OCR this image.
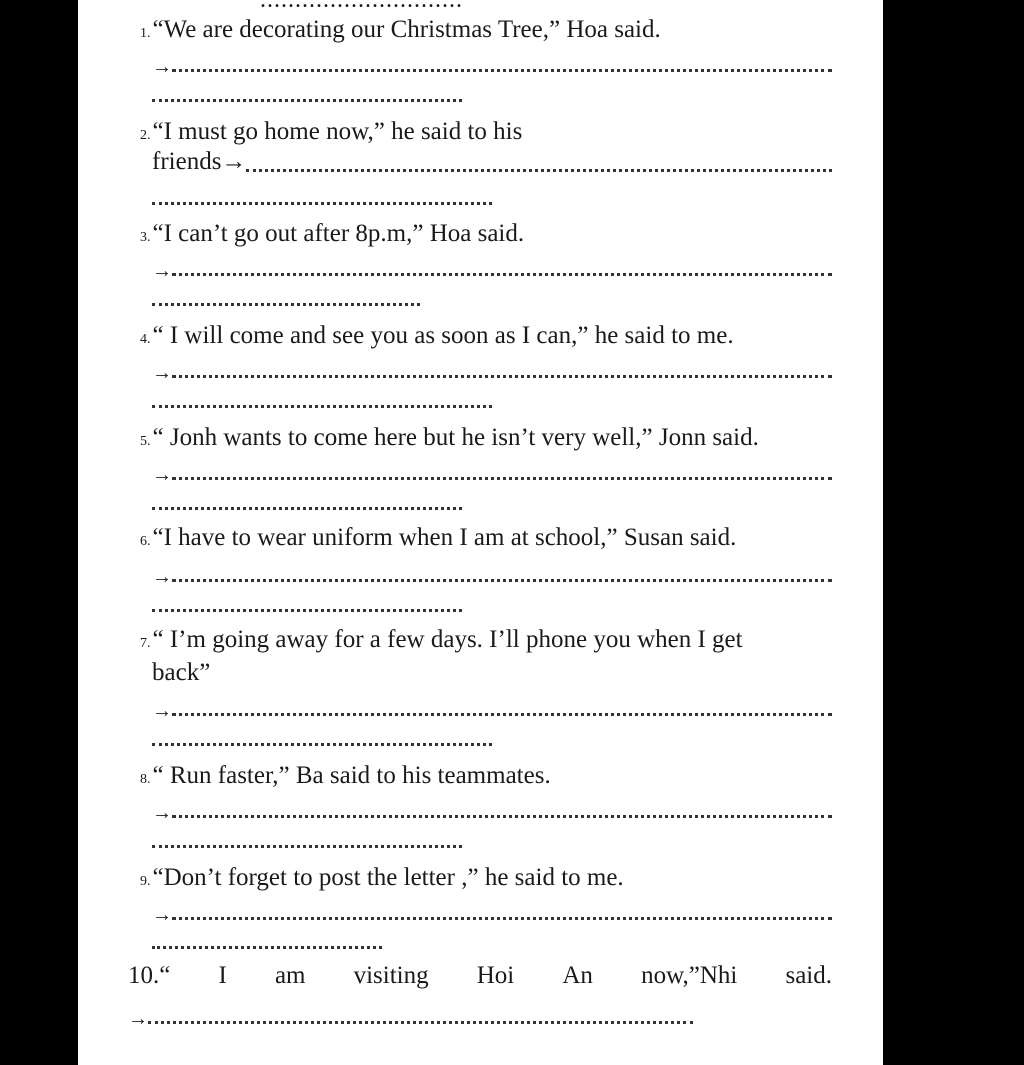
.............................
1.“We are decorating our Christmas Tree,” Hoa said.
→
2.“I must go home now,” he said to his
friends→
3.“I can’t go out after 8p.m,” Hoa said.
→
4.“ I will come and see you as soon as I can,” he said to me.
→
5.“ Jonh wants to come here but he isn’t very well,” Jonn said.
→
6.“I have to wear uniform when I am at school,” Susan said.
→
7.“ I’m going away for a few days. I’ll phone you when I get
back”
→
8.“ Run faster,” Ba said to his teammates.
→
9.“Don’t forget to post the letter ,” he said to me.
→
10.“ I am visiting Hoi An now,”Nhi said.
→
